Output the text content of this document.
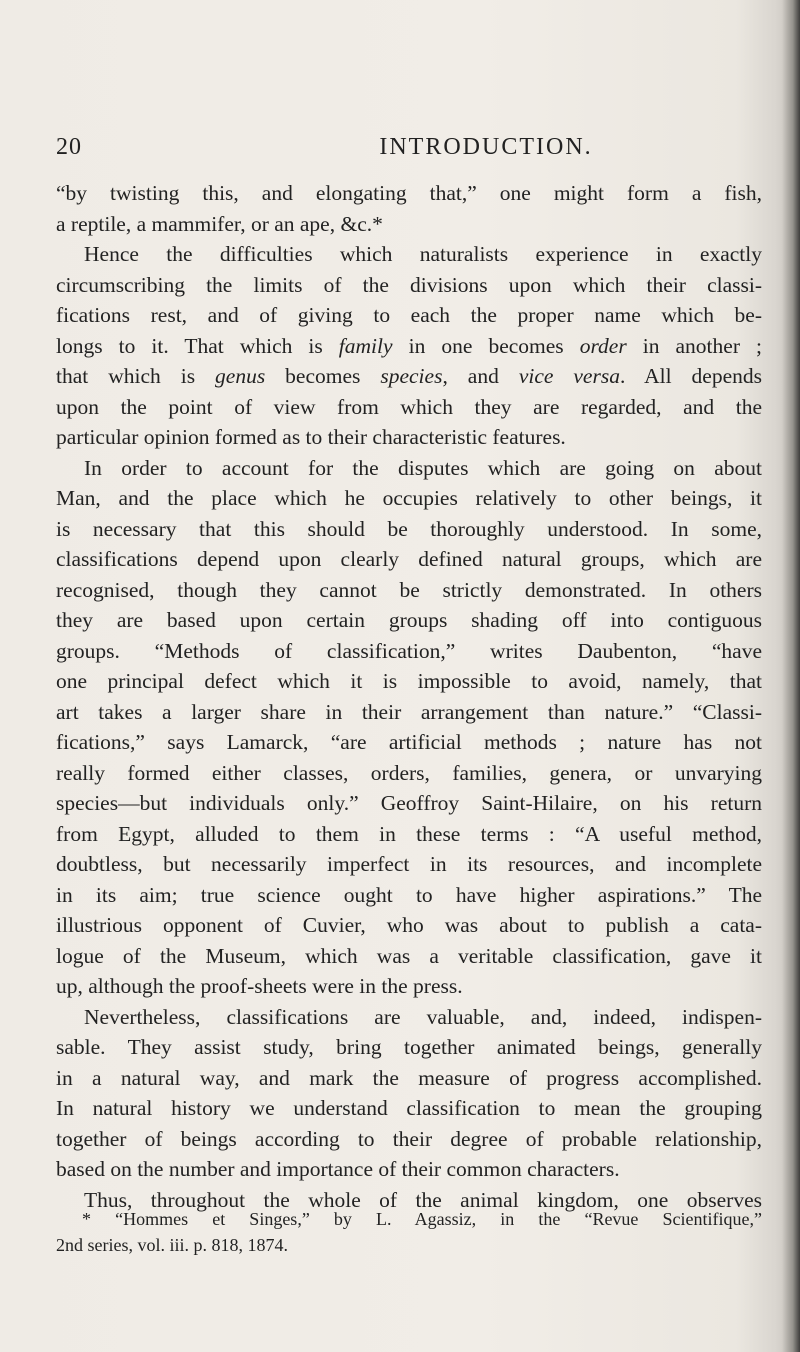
20	INTRODUCTION.
“by twisting this, and elongating that,” one might form a fish,
a reptile, a mammifer, or an ape, &c.*
Hence the difficulties which naturalists experience in exactly
circumscribing the limits of the divisions upon which their classi-
fications rest, and of giving to each the proper name which be-
longs to it. That which is family in one becomes order in another ;
that which is genus becomes species, and vice versa. All depends
upon the point of view from which they are regarded, and the
particular opinion formed as to their characteristic features.
In order to account for the disputes which are going on about
Man, and the place which he occupies relatively to other beings, it
is necessary that this should be thoroughly understood. In some,
classifications depend upon clearly defined natural groups, which are
recognised, though they cannot be strictly demonstrated. In others
they are based upon certain groups shading off into contiguous
groups. “Methods of classification,” writes Daubenton, “have
one principal defect which it is impossible to avoid, namely, that
art takes a larger share in their arrangement than nature.” “Classi-
fications,” says Lamarck, “are artificial methods ; nature has not
really formed either classes, orders, families, genera, or unvarying
species—but individuals only.” Geoffroy Saint-Hilaire, on his return
from Egypt, alluded to them in these terms : “A useful method,
doubtless, but necessarily imperfect in its resources, and incomplete
in its aim; true science ought to have higher aspirations.” The
illustrious opponent of Cuvier, who was about to publish a cata-
logue of the Museum, which was a veritable classification, gave it
up, although the proof-sheets were in the press.
Nevertheless, classifications are valuable, and, indeed, indispen-
sable. They assist study, bring together animated beings, generally
in a natural way, and mark the measure of progress accomplished.
In natural history we understand classification to mean the grouping
together of beings according to their degree of probable relationship,
based on the number and importance of their common characters.
Thus, throughout the whole of the animal kingdom, one observes
* “Hommes et Singes,” by L. Agassiz, in the “Revue Scientifique,”
2nd series, vol. iii. p. 818, 1874.
